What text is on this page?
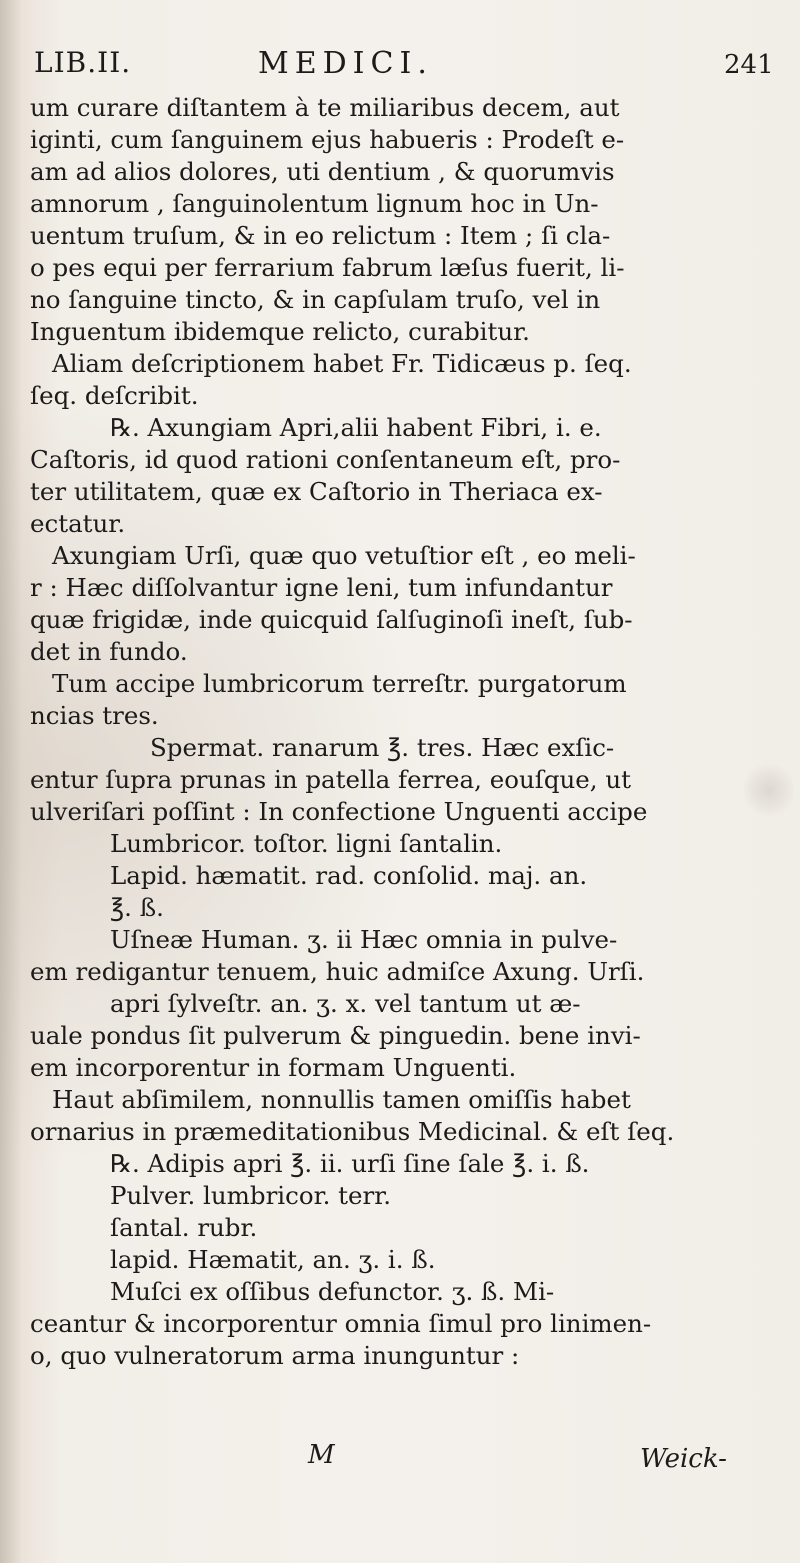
LIB.II.	MEDICI.	241
um curare diſtantem à te miliaribus decem, aut
iginti, cum ſanguinem ejus habueris : Prodeſt e-
am ad alios dolores, uti dentium , & quorumvis
amnorum , ſanguinolentum lignum hoc in Un-
uentum truſum, & in eo relictum : Item ; ſi cla-
o pes equi per ferrarium fabrum læſus fuerit, li-
no ſanguine tincto, & in capſulam truſo, vel in
Inguentum ibidemque relicto, curabitur.
Aliam deſcriptionem habet Fr. Tidicæus p. ſeq.
ſeq. deſcribit.
℞. Axungiam Apri,alii habent Fibri, i. e.
Caſtoris, id quod rationi conſentaneum eſt, pro-
ter utilitatem, quæ ex Caſtorio in Theriaca ex-
ectatur.
Axungiam Urſi, quæ quo vetuſtior eſt , eo meli-
r : Hæc diſſolvantur igne leni, tum infundantur
quæ frigidæ, inde quicquid ſalſuginoſi ineſt, ſub-
det in fundo.
Tum accipe lumbricorum terreſtr. purgatorum
ncias tres.
Spermat. ranarum ℥. tres. Hæc exſic-
entur ſupra prunas in patella ferrea, eouſque, ut
ulveriſari poſſint : In confectione Unguenti accipe
Lumbricor. toſtor. ligni ſantalin.
Lapid. hæmatit. rad. conſolid. maj. an.
℥. ß.
Uſneæ Human. ʒ. ii Hæc omnia in pulve-
em redigantur tenuem, huic admiſce Axung. Urſi.
apri ſylveſtr. an. ʒ. x. vel tantum ut æ-
uale pondus ſit pulverum & pinguedin. bene invi-
em incorporentur in formam Unguenti.
Haut abſimilem, nonnullis tamen omiſſis habet
ornarius in præmeditationibus Medicinal. & eſt ſeq.
℞. Adipis apri ℥. ii. urſi ſine ſale ℥. i. ß.
Pulver. lumbricor. terr.
ſantal. rubr.
lapid. Hæmatit, an. ʒ. i. ß.
Muſci ex oſſibus defunctor. ʒ. ß. Mi-
ceantur & incorporentur omnia ſimul pro linimen-
o, quo vulneratorum arma inunguntur :
M	Weick-
